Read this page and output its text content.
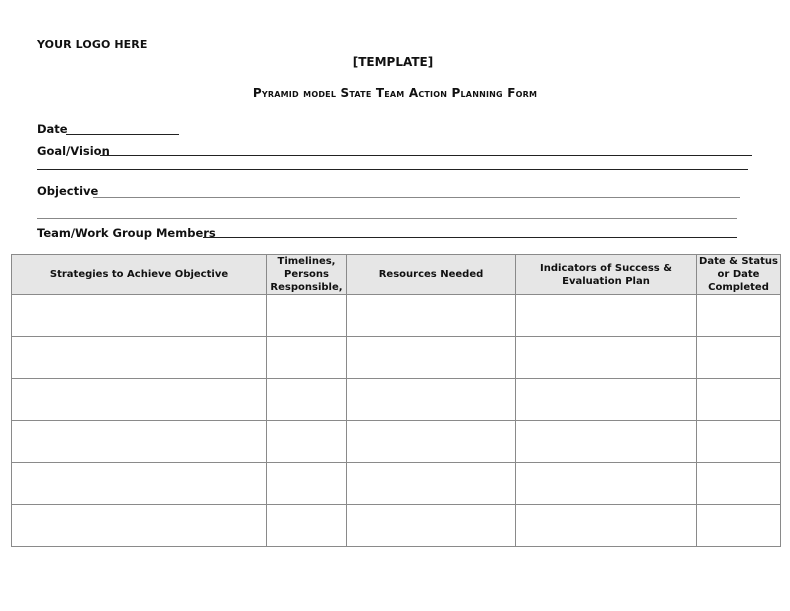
YOUR LOGO HERE
[TEMPLATE]
Pyramid model State Team Action Planning Form
Date
Goal/Vision
Objective
Team/Work Group Members
Strategies to Achieve Objective	Timelines, Persons Responsible,	Resources Needed	Indicators of Success & Evaluation Plan	Date & Status or Date Completed
